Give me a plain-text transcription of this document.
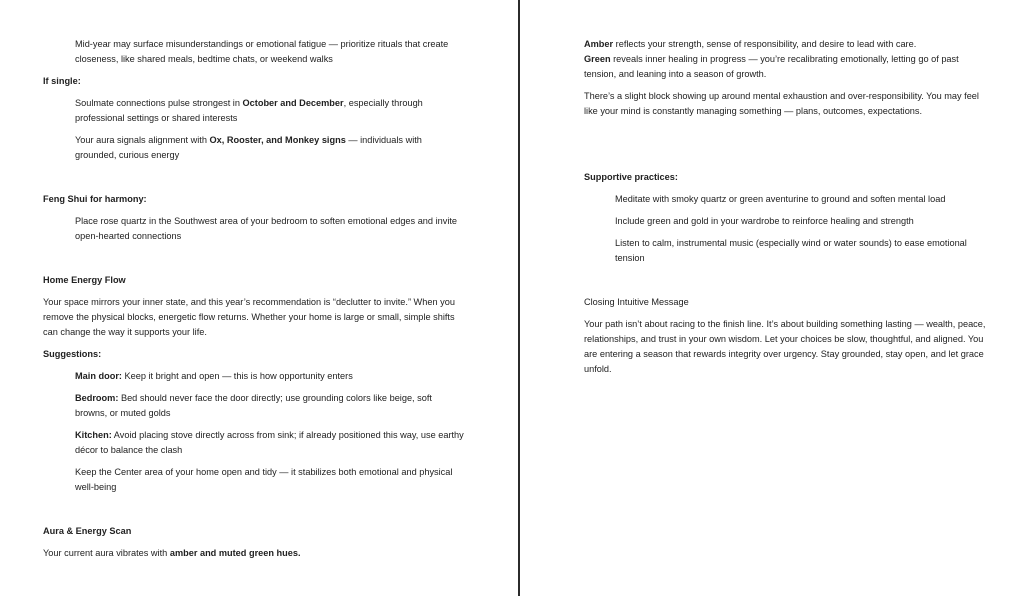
Mid-year may surface misunderstandings or emotional fatigue — prioritize rituals that create closeness, like shared meals, bedtime chats, or weekend walks

If single:

Soulmate connections pulse strongest in October and December, especially through professional settings or shared interests

Your aura signals alignment with Ox, Rooster, and Monkey signs — individuals with grounded, curious energy

Feng Shui for harmony:

Place rose quartz in the Southwest area of your bedroom to soften emotional edges and invite open-hearted connections

Home Energy Flow

Your space mirrors your inner state, and this year’s recommendation is “declutter to invite.” When you remove the physical blocks, energetic flow returns. Whether your home is large or small, simple shifts can change the way it supports your life.

Suggestions:

Main door: Keep it bright and open — this is how opportunity enters

Bedroom: Bed should never face the door directly; use grounding colors like beige, soft browns, or muted golds

Kitchen: Avoid placing stove directly across from sink; if already positioned this way, use earthy décor to balance the clash

Keep the Center area of your home open and tidy — it stabilizes both emotional and physical well-being

Aura & Energy Scan

Your current aura vibrates with amber and muted green hues.

Amber reflects your strength, sense of responsibility, and desire to lead with care.

Green reveals inner healing in progress — you’re recalibrating emotionally, letting go of past tension, and leaning into a season of growth.

There’s a slight block showing up around mental exhaustion and over-responsibility. You may feel like your mind is constantly managing something — plans, outcomes, expectations.

Supportive practices:

Meditate with smoky quartz or green aventurine to ground and soften mental load

Include green and gold in your wardrobe to reinforce healing and strength

Listen to calm, instrumental music (especially wind or water sounds) to ease emotional tension

Closing Intuitive Message

Your path isn’t about racing to the finish line. It’s about building something lasting — wealth, peace, relationships, and trust in your own wisdom. Let your choices be slow, thoughtful, and aligned. You are entering a season that rewards integrity over urgency. Stay grounded, stay open, and let grace unfold.
